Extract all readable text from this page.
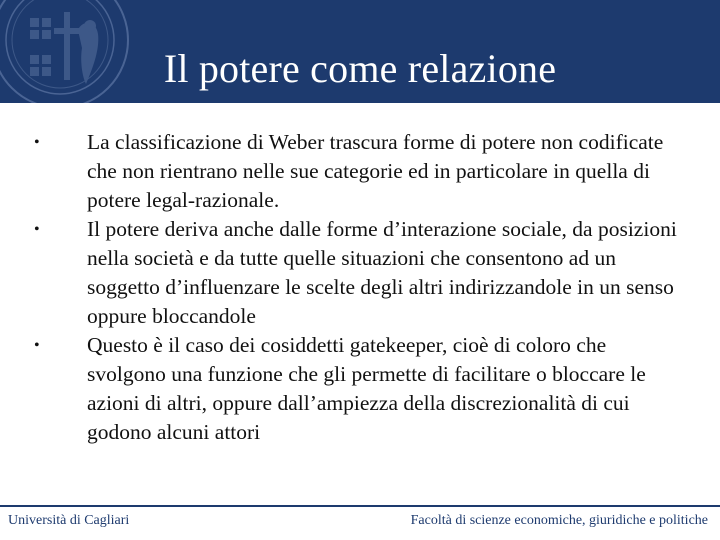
Il potere come relazione
• La classificazione di Weber trascura forme di potere non codificate che non rientrano nelle sue categorie ed in particolare in quella di potere legal-razionale.
• Il potere deriva anche dalle forme d’interazione sociale, da posizioni nella società e da tutte quelle situazioni che consentono ad un soggetto d’influenzare le scelte degli altri indirizzandole in un senso oppure bloccandole
• Questo è il caso dei cosiddetti gatekeeper, cioè di coloro che svolgono una funzione che gli permette di facilitare o bloccare le azioni di altri, oppure dall’ampiezza della discrezionalità di cui godono alcuni attori
Università di Cagliari	Facoltà di scienze economiche, giuridiche e politiche
